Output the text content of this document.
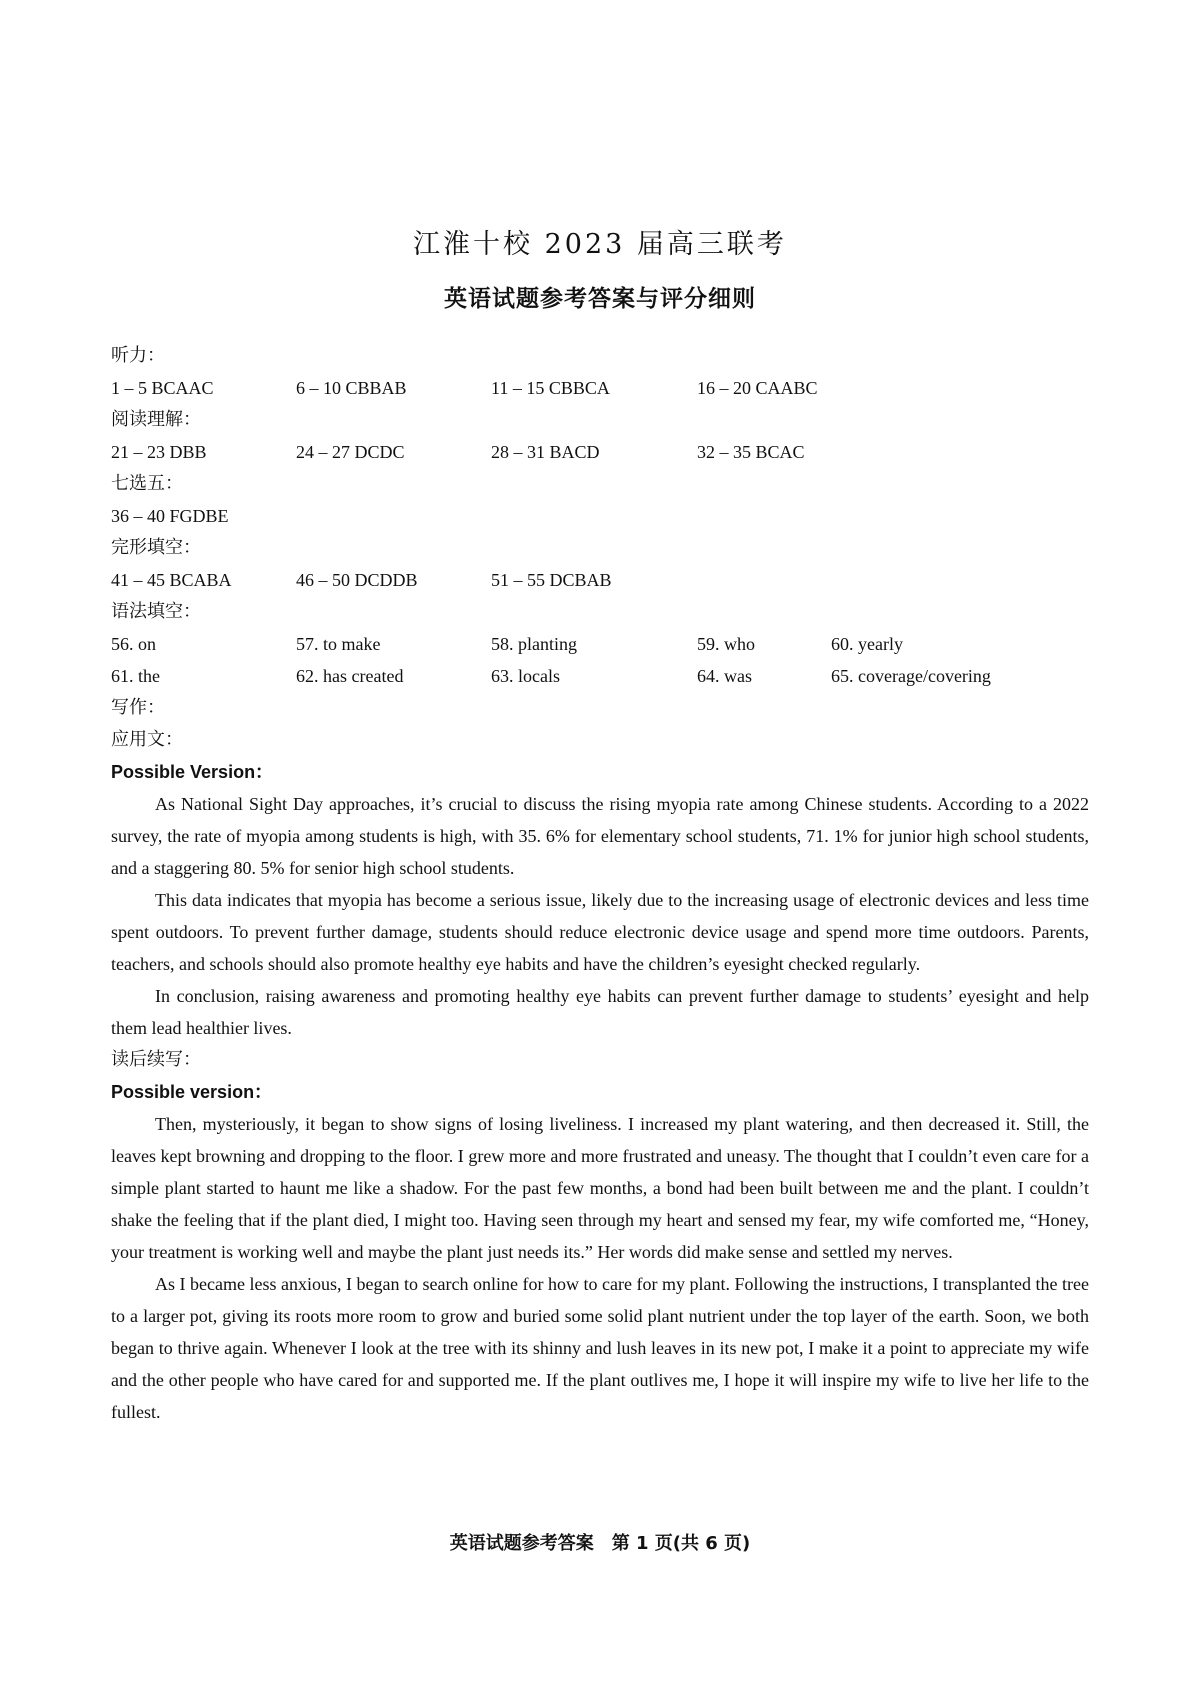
江淮十校 2023 届高三联考
英语试题参考答案与评分细则
听力：
1 – 5 BCAAC	6 – 10 CBBAB	11 – 15 CBBCA	16 – 20 CAABC
阅读理解：
21 – 23 DBB	24 – 27 DCDC	28 – 31 BACD	32 – 35 BCAC
七选五：
36 – 40 FGDBE
完形填空：
41 – 45 BCABA	46 – 50 DCDDB	51 – 55 DCBAB
语法填空：
56. on	57. to make	58. planting	59. who	60. yearly
61. the	62. has created	63. locals	64. was	65. coverage/covering
写作：
应用文：
Possible Version：

As National Sight Day approaches, it’s crucial to discuss the rising myopia rate among Chinese students. According to a 2022 survey, the rate of myopia among students is high, with 35. 6% for elementary school students, 71. 1% for junior high school students, and a staggering 80. 5% for senior high school students.

This data indicates that myopia has become a serious issue, likely due to the increasing usage of electronic devices and less time spent outdoors. To prevent further damage, students should reduce electronic device usage and spend more time outdoors. Parents, teachers, and schools should also promote healthy eye habits and have the children’s eyesight checked regularly.

In conclusion, raising awareness and promoting healthy eye habits can prevent further damage to students’ eyesight and help them lead healthier lives.

读后续写：
Possible version：

Then, mysteriously, it began to show signs of losing liveliness. I increased my plant watering, and then decreased it. Still, the leaves kept browning and dropping to the floor. I grew more and more frustrated and uneasy. The thought that I couldn’t even care for a simple plant started to haunt me like a shadow. For the past few months, a bond had been built between me and the plant. I couldn’t shake the feeling that if the plant died, I might too. Having seen through my heart and sensed my fear, my wife comforted me, “Honey, your treatment is working well and maybe the plant just needs its.” Her words did make sense and settled my nerves.

As I became less anxious, I began to search online for how to care for my plant. Following the instructions, I transplanted the tree to a larger pot, giving its roots more room to grow and buried some solid plant nutrient under the top layer of the earth. Soon, we both began to thrive again. Whenever I look at the tree with its shinny and lush leaves in its new pot, I make it a point to appreciate my wife and the other people who have cared for and supported me. If the plant outlives me, I hope it will inspire my wife to live her life to the fullest.

英语试题参考答案　第 1 页(共 6 页)
